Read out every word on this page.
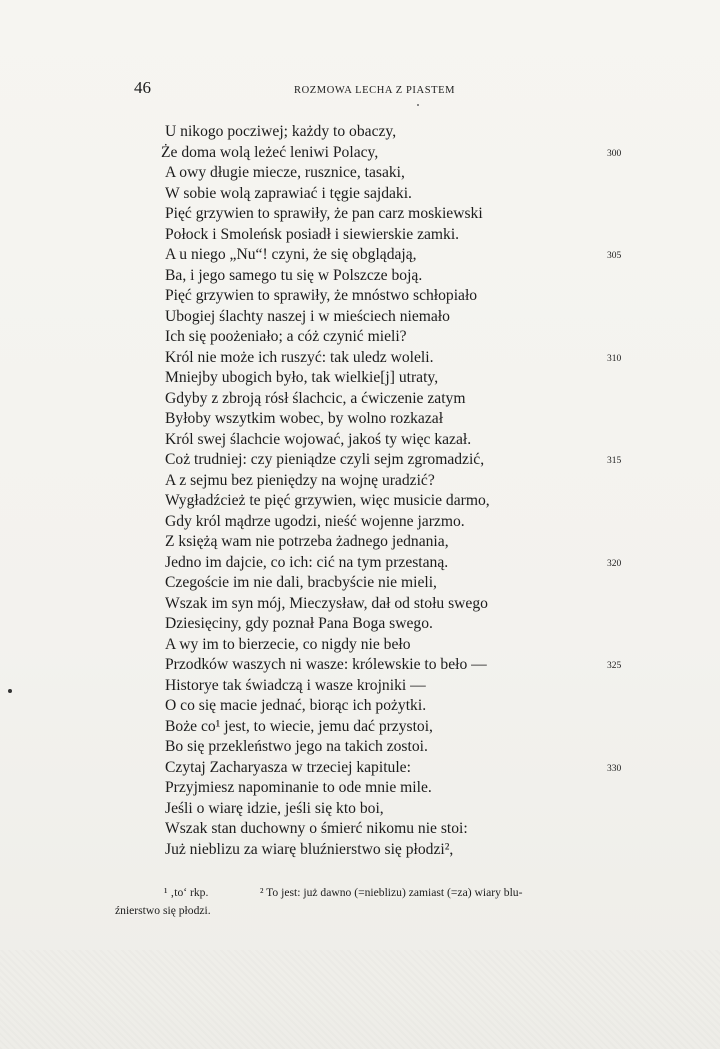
46	ROZMOWA LECHA Z PIASTEM
U nikogo pocziwej; każdy to obaczy,
Że doma wolą leżeć leniwi Polacy,	300
A owy długie miecze, rusznice, tasaki,
W sobie wolą zaprawiać i tęgie sajdaki.
Pięć grzywien to sprawiły, że pan carz moskiewski
Połock i Smoleńsk posiadł i siewierskie zamki.
A u niego „Nu“! czyni, że się obglądają,	305
Ba, i jego samego tu się w Polszcze boją.
Pięć grzywien to sprawiły, że mnóstwo schłopiało
Ubogiej ślachty naszej i w mieściech niemało
Ich się poożeniało; a cóż czynić mieli?
Król nie może ich ruszyć: tak uledz woleli.	310
Mniejby ubogich było, tak wielkie[j] utraty,
Gdyby z zbroją rósł ślachcic, a ćwiczenie zatym
Byłoby wszytkim wobec, by wolno rozkazał
Król swej ślachcie wojować, jakoś ty więc kazał.
Coż trudniej: czy pieniądze czyli sejm zgromadzić,	315
A z sejmu bez pieniędzy na wojnę uradzić?
Wygładźcież te pięć grzywien, więc musicie darmo,
Gdy król mądrze ugodzi, nieść wojenne jarzmo.
Z księżą wam nie potrzeba żadnego jednania,
Jedno im dajcie, co ich: cić na tym przestaną.	320
Czegoście im nie dali, bracbyście nie mieli,
Wszak im syn mój, Mieczysław, dał od stołu swego
Dziesięciny, gdy poznał Pana Boga swego.
A wy im to bierzecie, co nigdy nie beło
Przodków waszych ni wasze: królewskie to beło —	325
Historye tak świadczą i wasze krojniki —
O co się macie jednać, biorąc ich pożytki.
Boże co¹ jest, to wiecie, jemu dać przystoi,
Bo się przekleństwo jego na takich zostoi.
Czytaj Zacharyasza w trzeciej kapitule:	330
Przyjmiesz napominanie to ode mnie mile.
Jeśli o wiarę idzie, jeśli się kto boi,
Wszak stan duchowny o śmierć nikomu nie stoi:
Już nieblizu za wiarę bluźnierstwo się płodzi²,
¹ ‚to‘ rkp.	² To jest: już dawno (=nieblizu) zamiast (=za) wiary blu-
źnierstwo się płodzi.
